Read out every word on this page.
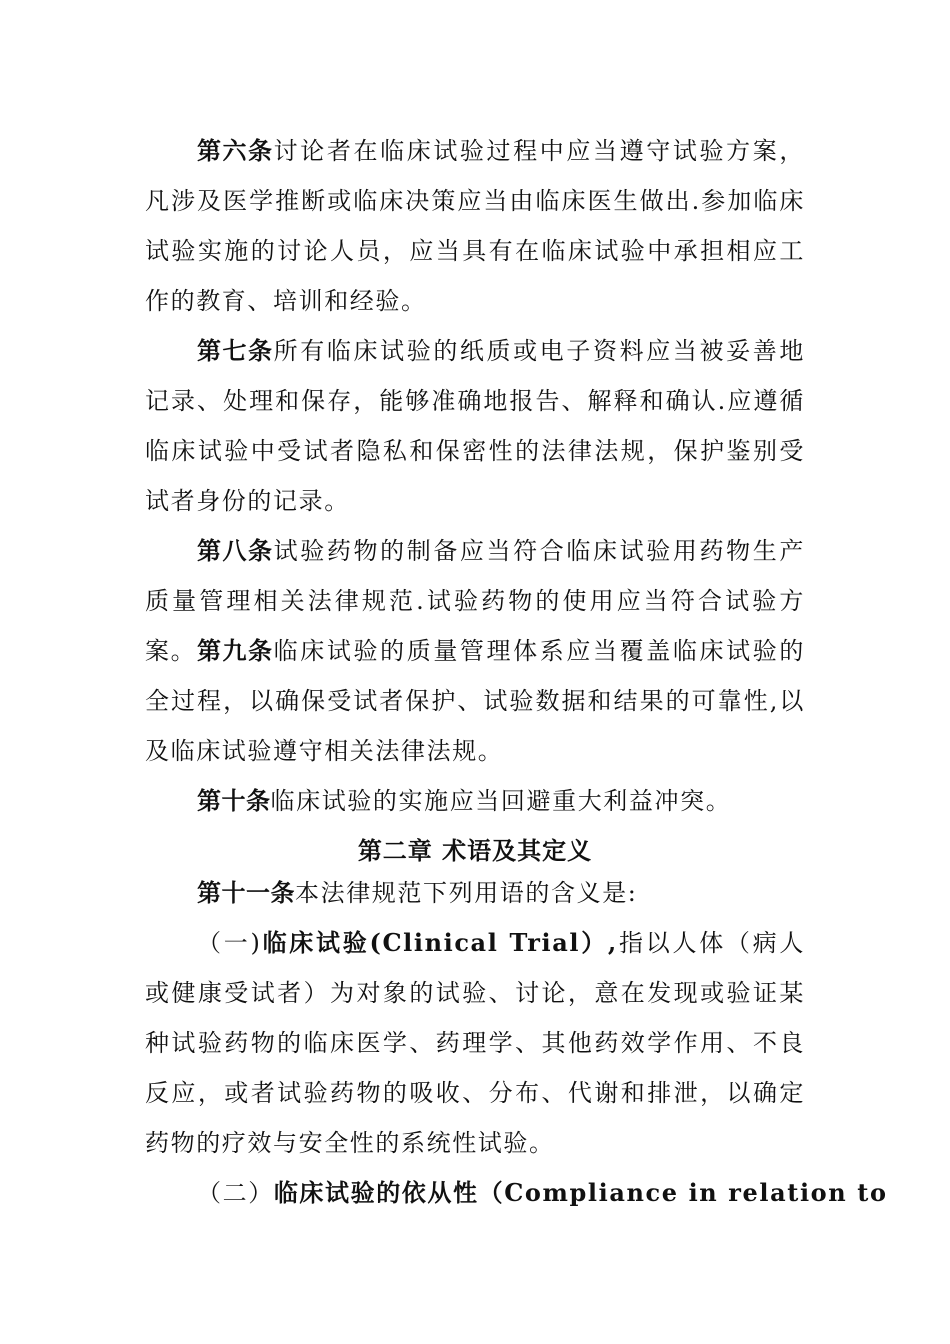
第六条讨论者在临床试验过程中应当遵守试验方案，凡涉及医学推断或临床决策应当由临床医生做出.参加临床试验实施的讨论人员，应当具有在临床试验中承担相应工作的教育、培训和经验。

第七条所有临床试验的纸质或电子资料应当被妥善地记录、处理和保存，能够准确地报告、解释和确认.应遵循临床试验中受试者隐私和保密性的法律法规，保护鉴别受试者身份的记录。

第八条试验药物的制备应当符合临床试验用药物生产质量管理相关法律规范.试验药物的使用应当符合试验方案。 第九条临床试验的质量管理体系应当覆盖临床试验的全过程，以确保受试者保护、试验数据和结果的可靠性,以及临床试验遵守相关法律法规。

第十条临床试验的实施应当回避重大利益冲突。

第二章 术语及其定义

第十一条本法律规范下列用语的含义是:

（一)临床试验(Clinical Trial）,指以人体（病人或健康受试者）为对象的试验、讨论，意在发现或验证某种试验药物的临床医学、药理学、其他药效学作用、不良反应，或者试验药物的吸收、分布、代谢和排泄，以确定药物的疗效与安全性的系统性试验。

（二）临床试验的依从性（Compliance in relation to
